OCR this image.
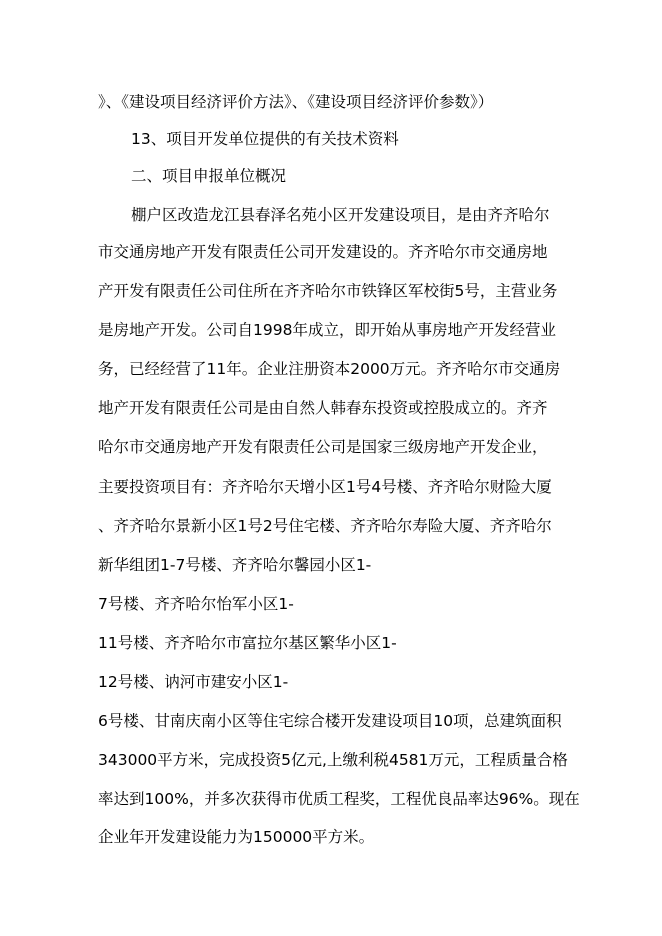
》、《建设项目经济评价方法》、《建设项目经济评价参数》）
13、项目开发单位提供的有关技术资料
二、项目申报单位概况
棚户区改造龙江县春泽名苑小区开发建设项目，是由齐齐哈尔
市交通房地产开发有限责任公司开发建设的。齐齐哈尔市交通房地
产开发有限责任公司住所在齐齐哈尔市铁锋区军校街5号，主营业务
是房地产开发。公司自1998年成立，即开始从事房地产开发经营业
务，已经经营了11年。企业注册资本2000万元。齐齐哈尔市交通房
地产开发有限责任公司是由自然人韩春东投资或控股成立的。齐齐
哈尔市交通房地产开发有限责任公司是国家三级房地产开发企业，
主要投资项目有：齐齐哈尔天增小区1号4号楼、齐齐哈尔财险大厦
、齐齐哈尔景新小区1号2号住宅楼、齐齐哈尔寿险大厦、齐齐哈尔
新华组团1-7号楼、齐齐哈尔馨园小区1-
7号楼、齐齐哈尔怡军小区1-
11号楼、齐齐哈尔市富拉尔基区繁华小区1-
12号楼、讷河市建安小区1-
6号楼、甘南庆南小区等住宅综合楼开发建设项目10项，总建筑面积
343000平方米，完成投资5亿元,上缴利税4581万元，工程质量合格
率达到100%，并多次获得市优质工程奖，工程优良品率达96%。现在
企业年开发建设能力为150000平方米。
